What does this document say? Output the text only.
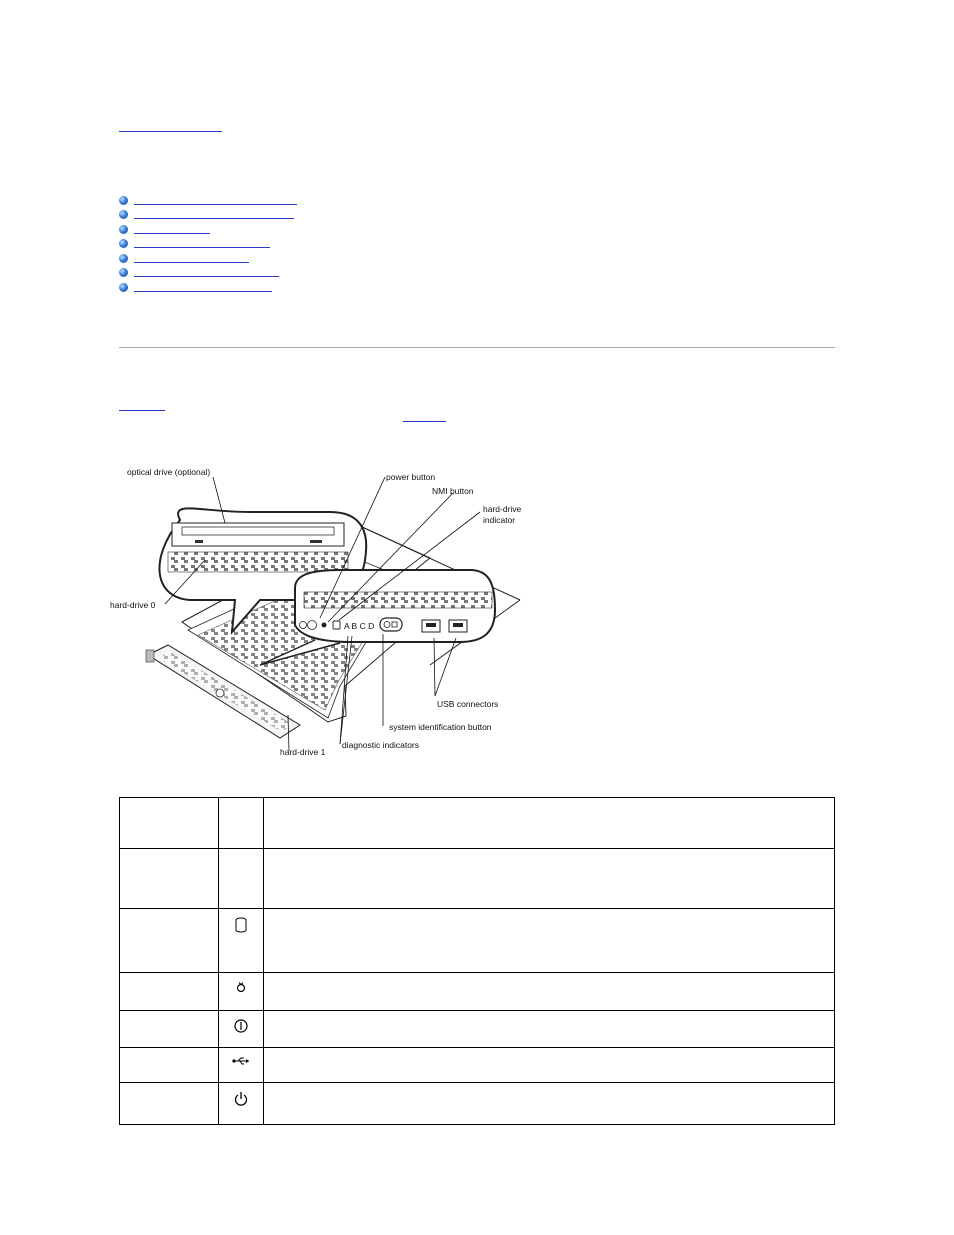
A B C D
optical drive (optional)	power button
NMI button
hard-drive
indicator
hard-drive 0
USB connectors
system identification button
diagnostic indicators
hard-drive 1
